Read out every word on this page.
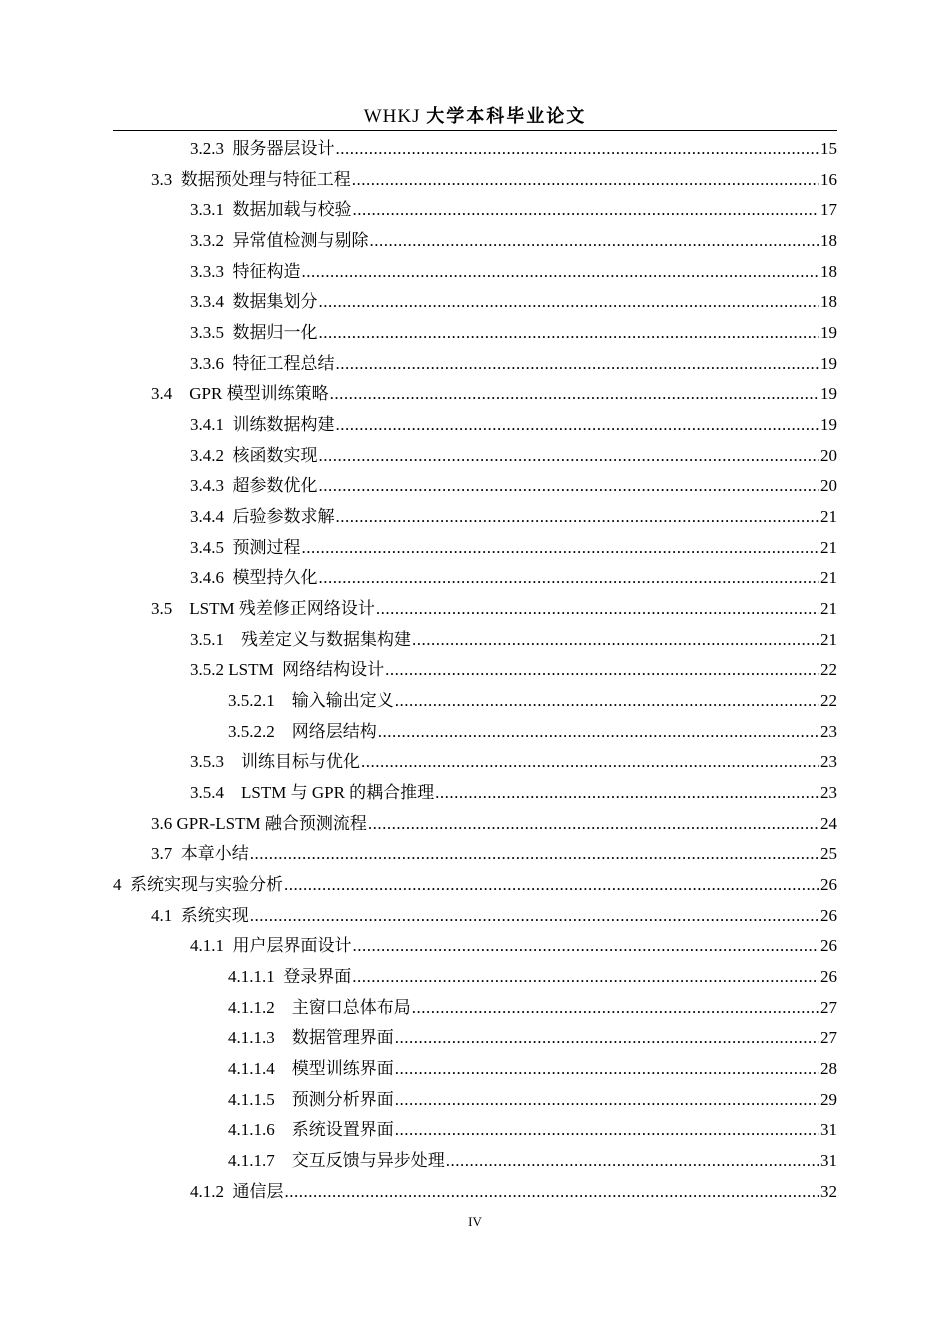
WHKJ 大学本科毕业论文
3.2.3 服务器层设计 .....	15
3.3 数据预处理与特征工程 .....	16
3.3.1 数据加载与校验 .....	17
3.3.2 异常值检测与剔除 .....	18
3.3.3 特征构造 .....	18
3.3.4 数据集划分 .....	18
3.3.5 数据归一化 .....	19
3.3.6 特征工程总结 .....	19
3.4 GPR 模型训练策略 .....	19
3.4.1 训练数据构建 .....	19
3.4.2 核函数实现 .....	20
3.4.3 超参数优化 .....	20
3.4.4 后验参数求解 .....	21
3.4.5 预测过程 .....	21
3.4.6 模型持久化 .....	21
3.5 LSTM 残差修正网络设计 .....	21
3.5.1 残差定义与数据集构建 .....	21
3.5.2 LSTM  网络结构设计 .....	22
3.5.2.1 输入输出定义 .....	22
3.5.2.2 网络层结构 .....	23
3.5.3 训练目标与优化 .....	23
3.5.4 LSTM 与 GPR 的耦合推理 .....	23
3.6 GPR-LSTM 融合预测流程 .....	24
3.7 本章小结 .....	25
4 系统实现与实验分析 .....	26
4.1 系统实现 .....	26
4.1.1 用户层界面设计 .....	26
4.1.1.1 登录界面 .....	26
4.1.1.2 主窗口总体布局 .....	27
4.1.1.3 数据管理界面 .....	27
4.1.1.4 模型训练界面 .....	28
4.1.1.5 预测分析界面 .....	29
4.1.1.6 系统设置界面 .....	31
4.1.1.7 交互反馈与异步处理 .....	31
4.1.2 通信层 .....	32
IV
